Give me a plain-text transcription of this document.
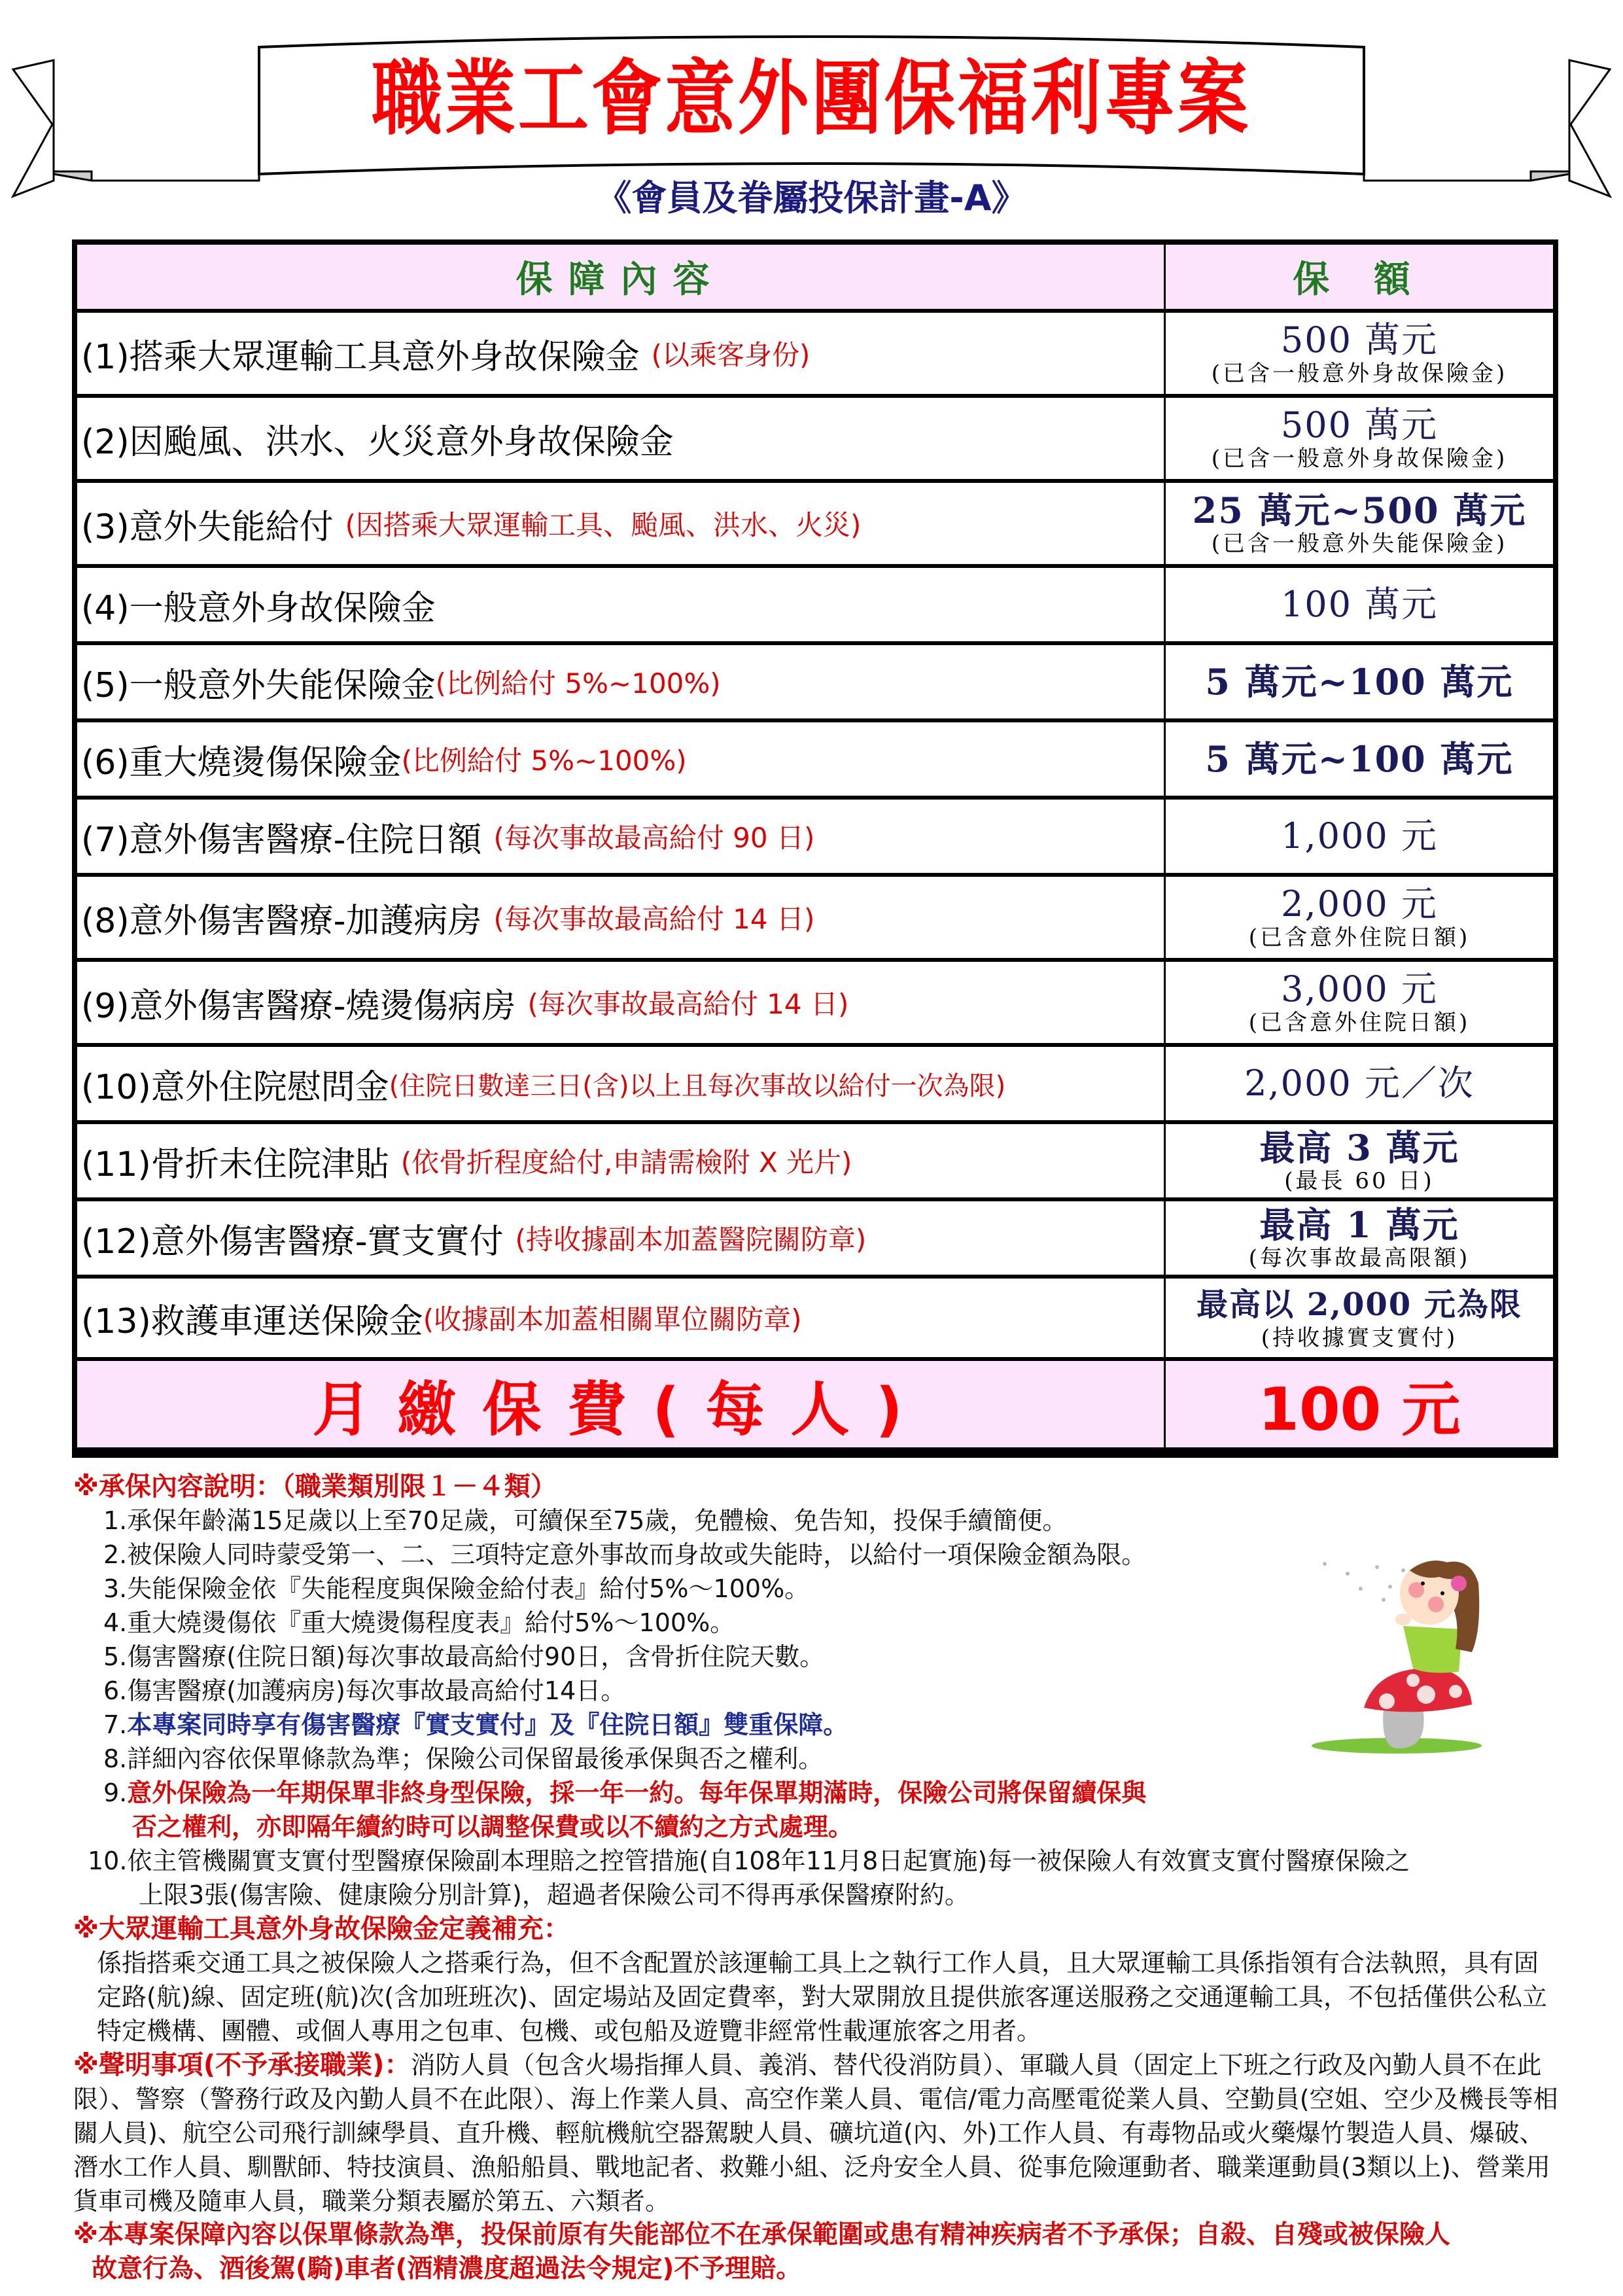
職業工會意外團保福利專案
《會員及眷屬投保計畫-A》
保障內容	保 額
(1)搭乘大眾運輸工具意外身故保險金 (以乘客身份)	500 萬元
(已含一般意外身故保險金)
(2)因颱風、洪水、火災意外身故保險金	500 萬元
(已含一般意外身故保險金)
(3)意外失能給付 (因搭乘大眾運輸工具、颱風、洪水、火災)	25 萬元~500 萬元
(已含一般意外失能保險金)
(4)一般意外身故保險金	100 萬元
(5)一般意外失能保險金 (比例給付 5%~100%)	5 萬元~100 萬元
(6)重大燒燙傷保險金 (比例給付 5%~100%)	5 萬元~100 萬元
(7)意外傷害醫療-住院日額 (每次事故最高給付 90 日)	1,000 元
(8)意外傷害醫療-加護病房 (每次事故最高給付 14 日)	2,000 元
(已含意外住院日額)
(9)意外傷害醫療-燒燙傷病房 (每次事故最高給付 14 日)	3,000 元
(已含意外住院日額)
(10)意外住院慰問金 (住院日數達三日(含)以上且每次事故以給付一次為限)	2,000 元／次
(11)骨折未住院津貼 (依骨折程度給付,申請需檢附 X 光片)	最高 3 萬元
(最長 60 日)
(12)意外傷害醫療-實支實付 (持收據副本加蓋醫院關防章)	最高 1 萬元
(每次事故最高限額)
(13)救護車運送保險金 (收據副本加蓋相關單位關防章)	最高以 2,000 元為限
(持收據實支實付)
月繳保費(每人)	100 元
※承保內容說明：（職業類別限１－４類）
1.承保年齡滿15足歲以上至70足歲，可續保至75歲，免體檢、免告知，投保手續簡便。
2.被保險人同時蒙受第一、二、三項特定意外事故而身故或失能時，以給付一項保險金額為限。
3.失能保險金依『失能程度與保險金給付表』給付5%～100%。
4.重大燒燙傷依『重大燒燙傷程度表』給付5%～100%。
5.傷害醫療(住院日額)每次事故最高給付90日，含骨折住院天數。
6.傷害醫療(加護病房)每次事故最高給付14日。
7.本專案同時享有傷害醫療『實支實付』及『住院日額』雙重保障。
8.詳細內容依保單條款為準；保險公司保留最後承保與否之權利。
9.意外保險為一年期保單非終身型保險，採一年一約。每年保單期滿時，保險公司將保留續保與
否之權利，亦即隔年續約時可以調整保費或以不續約之方式處理。
10.依主管機關實支實付型醫療保險副本理賠之控管措施(自108年11月8日起實施)每一被保險人有效實支實付醫療保險之
上限3張(傷害險、健康險分別計算)，超過者保險公司不得再承保醫療附約。
※大眾運輸工具意外身故保險金定義補充：
係指搭乘交通工具之被保險人之搭乘行為，但不含配置於該運輸工具上之執行工作人員，且大眾運輸工具係指領有合法執照，具有固定路(航)線、固定班(航)次(含加班班次)、固定場站及固定費率，對大眾開放且提供旅客運送服務之交通運輸工具，不包括僅供公私立特定機構、團體、或個人專用之包車、包機、或包船及遊覽非經常性載運旅客之用者。
※聲明事項(不予承接職業)：消防人員（包含火場指揮人員、義消、替代役消防員）、軍職人員（固定上下班之行政及內勤人員不在此限）、警察（警務行政及內勤人員不在此限）、海上作業人員、高空作業人員、電信/電力高壓電從業人員、空勤員(空姐、空少及機長等相關人員)、航空公司飛行訓練學員、直升機、輕航機航空器駕駛人員、礦坑道(內、外)工作人員、有毒物品或火藥爆竹製造人員、爆破、潛水工作人員、馴獸師、特技演員、漁船船員、戰地記者、救難小組、泛舟安全人員、從事危險運動者、職業運動員(3類以上)、營業用貨車司機及隨車人員，職業分類表屬於第五、六類者。
※本專案保障內容以保單條款為準，投保前原有失能部位不在承保範圍或患有精神疾病者不予承保；自殺、自殘或被保險人
故意行為、酒後駕(騎)車者(酒精濃度超過法令規定)不予理賠。
